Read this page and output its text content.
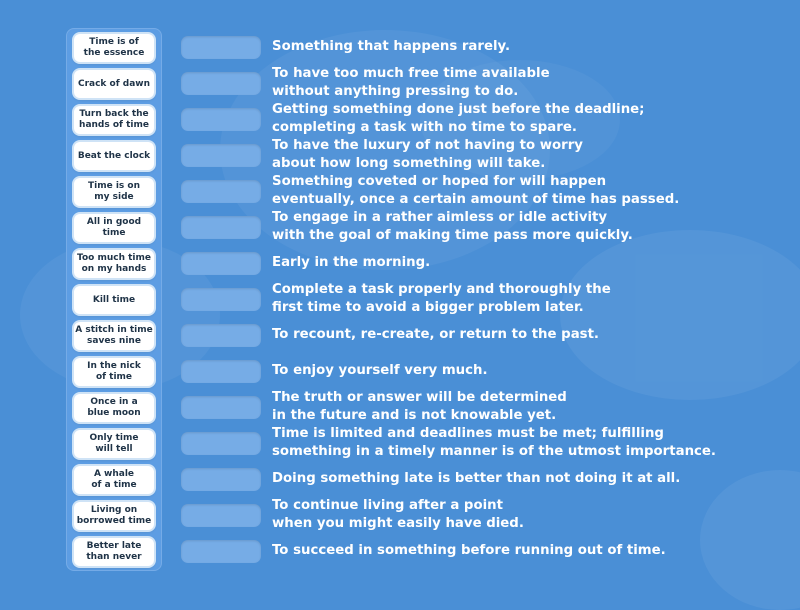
Time is of
the essence
Crack of dawn
Turn back the
hands of time
Beat the clock
Time is on
my side
All in good time
Too much time
on my hands
Kill time
A stitch in time
saves nine
In the nick
of time
Once in a
blue moon
Only time
will tell
A whale
of a time
Living on
borrowed time
Better late
than never
Something that happens rarely.
To have too much free time available
without anything pressing to do.
Getting something done just before the deadline;
completing a task with no time to spare.
To have the luxury of not having to worry
about how long something will take.
Something coveted or hoped for will happen
eventually, once a certain amount of time has passed.
To engage in a rather aimless or idle activity
with the goal of making time pass more quickly.
Early in the morning.
Complete a task properly and thoroughly the
first time to avoid a bigger problem later.
To recount, re-create, or return to the past.
To enjoy yourself very much.
The truth or answer will be determined
in the future and is not knowable yet.
Time is limited and deadlines must be met; fulfilling
something in a timely manner is of the utmost importance.
Doing something late is better than not doing it at all.
To continue living after a point
when you might easily have died.
To succeed in something before running out of time.
